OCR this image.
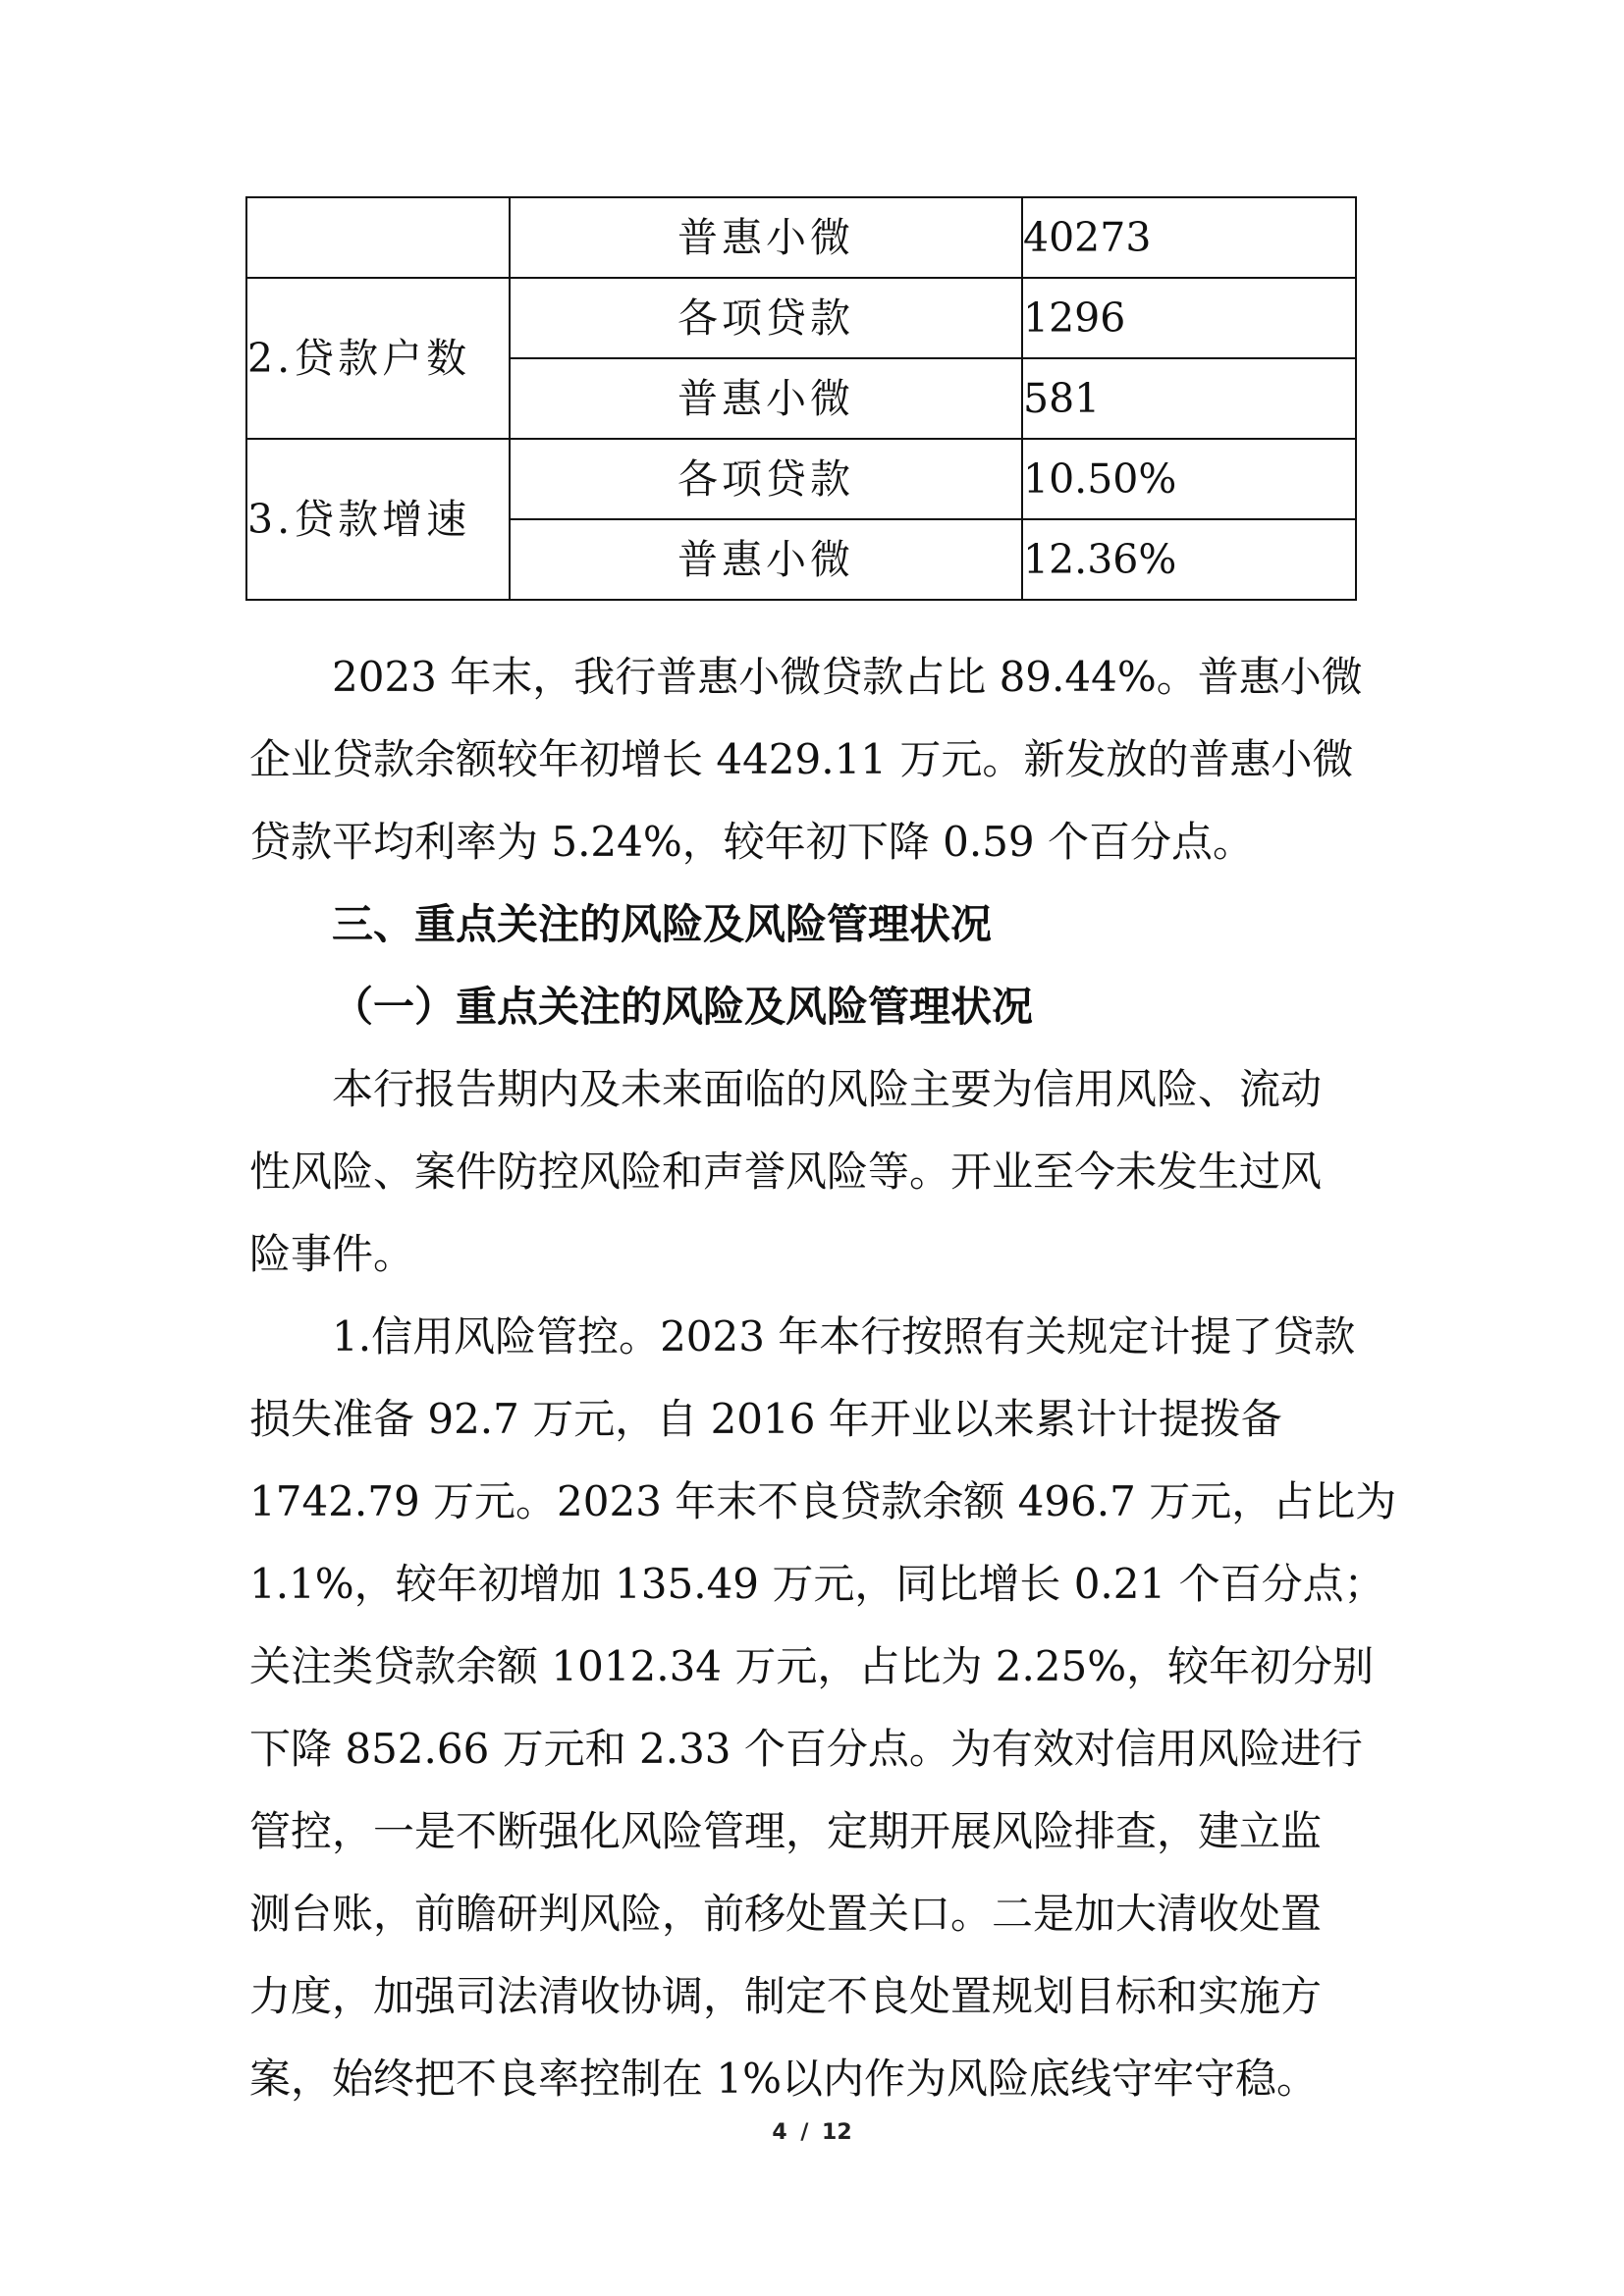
	普惠小微	40273
2.贷款户数	各项贷款	1296
	普惠小微	581
3.贷款增速	各项贷款	10.50%
	普惠小微	12.36%

2023 年末，我行普惠小微贷款占比 89.44%。普惠小微

企业贷款余额较年初增长 4429.11 万元。新发放的普惠小微

贷款平均利率为 5.24%，较年初下降 0.59 个百分点。

三、重点关注的风险及风险管理状况

（一）重点关注的风险及风险管理状况

本行报告期内及未来面临的风险主要为信用风险、流动

性风险、案件防控风险和声誉风险等。开业至今未发生过风

险事件。

1.信用风险管控。2023 年本行按照有关规定计提了贷款

损失准备 92.7 万元，自 2016 年开业以来累计计提拨备

1742.79 万元。2023 年末不良贷款余额 496.7 万元，占比为

1.1%，较年初增加 135.49 万元，同比增长 0.21 个百分点；

关注类贷款余额 1012.34 万元，占比为 2.25%，较年初分别

下降 852.66 万元和 2.33 个百分点。为有效对信用风险进行

管控，一是不断强化风险管理，定期开展风险排查，建立监

测台账，前瞻研判风险，前移处置关口。二是加大清收处置

力度，加强司法清收协调，制定不良处置规划目标和实施方

案，始终把不良率控制在 1%以内作为风险底线守牢守稳。

4 / 12
